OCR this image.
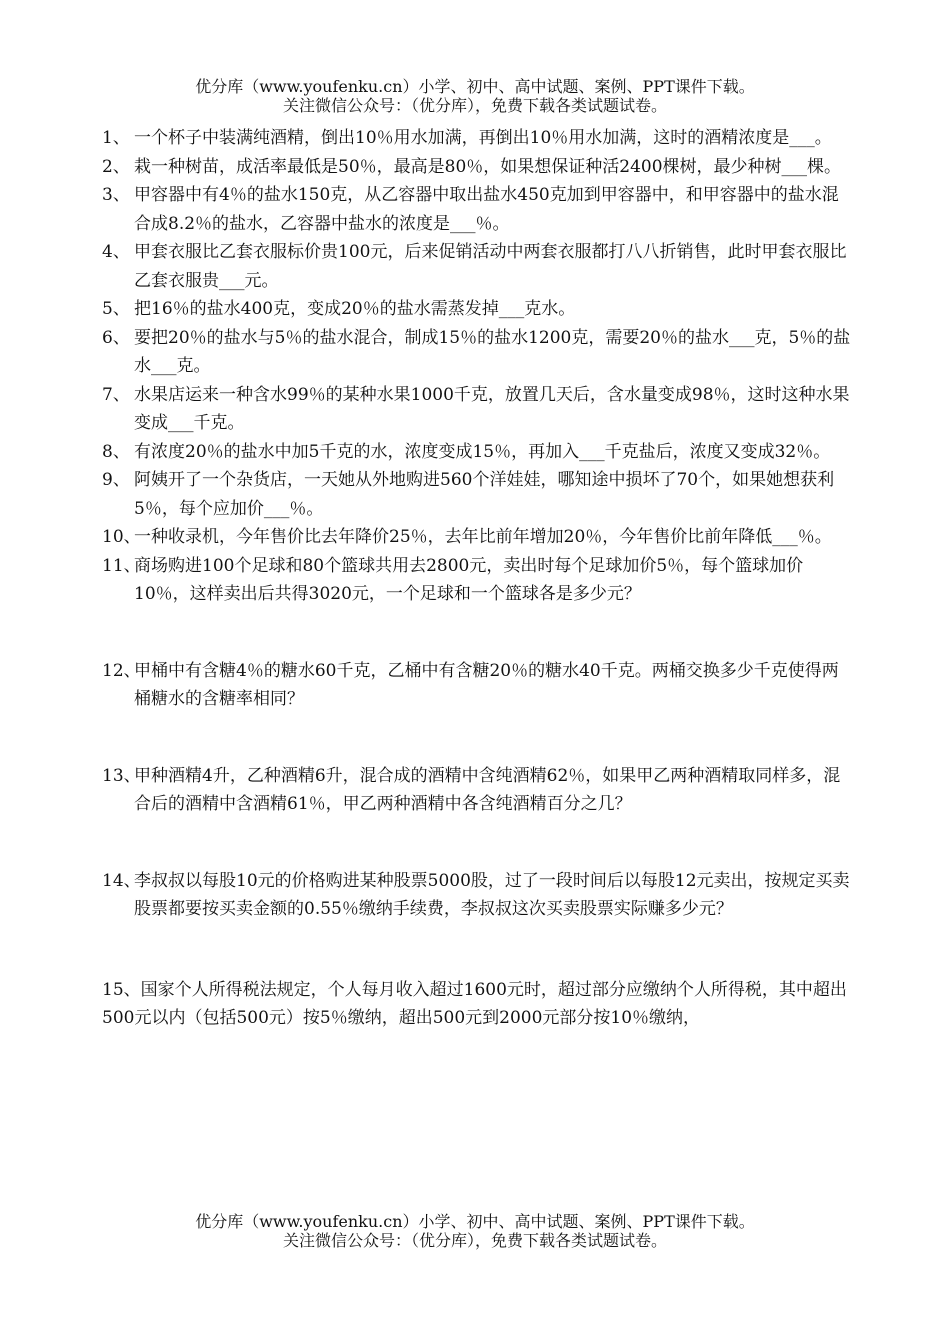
优分库（www.youfenku.cn）小学、初中、高中试题、案例、PPT课件下载。
关注微信公众号：（优分库），免费下载各类试题试卷。
1、 一个杯子中装满纯酒精，倒出10％用水加满，再倒出10％用水加满，这时的酒精浓度是___。
2、 栽一种树苗，成活率最低是50％，最高是80％，如果想保证种活2400棵树，最少种树___棵。
3、 甲容器中有4％的盐水150克，从乙容器中取出盐水450克加到甲容器中，和甲容器中的盐水混合成8.2％的盐水，乙容器中盐水的浓度是___％。
4、 甲套衣服比乙套衣服标价贵100元，后来促销活动中两套衣服都打八八折销售，此时甲套衣服比乙套衣服贵___元。
5、 把16％的盐水400克，变成20％的盐水需蒸发掉___克水。
6、 要把20％的盐水与5％的盐水混合，制成15％的盐水1200克，需要20％的盐水___克，5％的盐水___克。
7、 水果店运来一种含水99％的某种水果1000千克，放置几天后，含水量变成98％，这时这种水果变成___千克。
8、 有浓度20％的盐水中加5千克的水，浓度变成15％，再加入___千克盐后，浓度又变成32％。
9、 阿姨开了一个杂货店，一天她从外地购进560个洋娃娃，哪知途中损坏了70个，如果她想获利5％，每个应加价___％。
10、
一种收录机，今年售价比去年降价25％，去年比前年增加20％，今年售价比前年降低___％。
11、
商场购进100个足球和80个篮球共用去2800元，卖出时每个足球加价5％，每个篮球加价10％，这样卖出后共得3020元，一个足球和一个篮球各是多少元？
12、
甲桶中有含糖4％的糖水60千克，乙桶中有含糖20％的糖水40千克。两桶交换多少千克使得两桶糖水的含糖率相同？
13、
甲种酒精4升，乙种酒精6升，混合成的酒精中含纯酒精62％，如果甲乙两种酒精取同样多，混合后的酒精中含酒精61％，甲乙两种酒精中各含纯酒精百分之几？
14、
李叔叔以每股10元的价格购进某种股票5000股，过了一段时间后以每股12元卖出，按规定买卖股票都要按买卖金额的0.55％缴纳手续费，李叔叔这次买卖股票实际赚多少元？
15、国家个人所得税法规定，个人每月收入超过1600元时，超过部分应缴纳个人所得税，其中超出500元以内（包括500元）按5％缴纳，超出500元到2000元部分按10％缴纳，
优分库（www.youfenku.cn）小学、初中、高中试题、案例、PPT课件下载。
关注微信公众号：（优分库），免费下载各类试题试卷。
